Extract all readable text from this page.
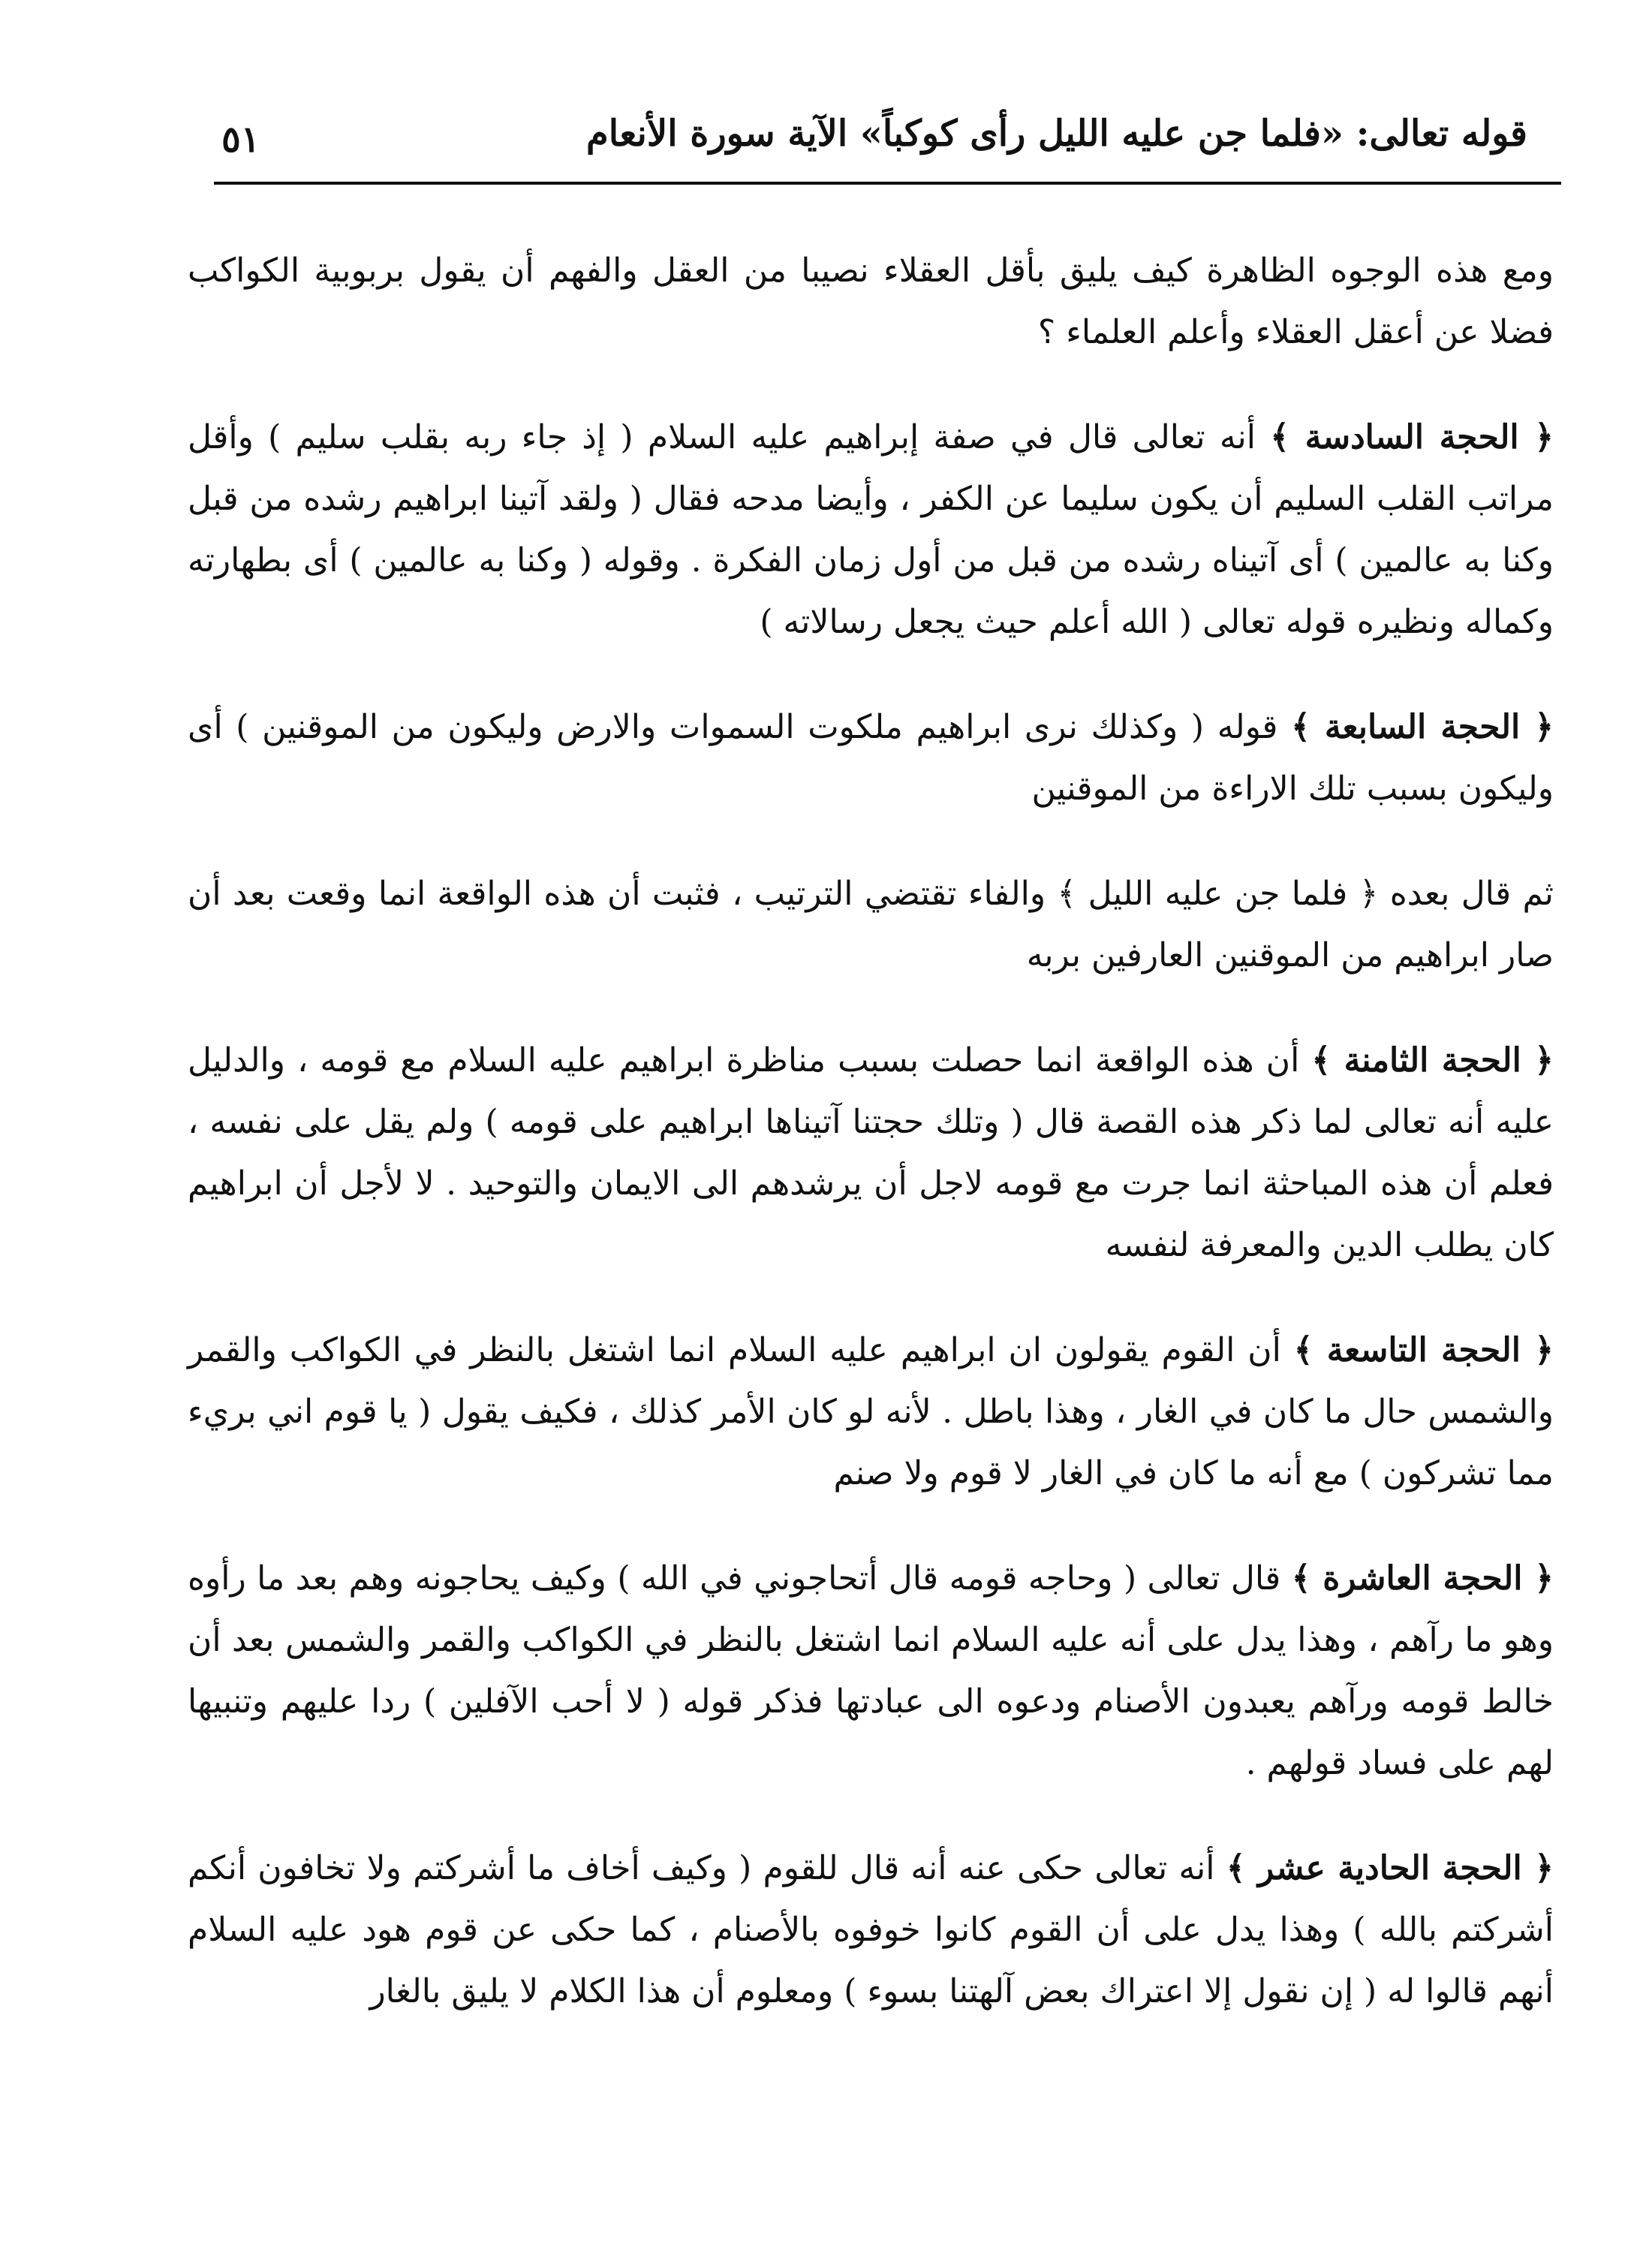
٥١	قوله تعالى: «فلما جن عليه الليل رأى كوكباً» الآية سورة الأنعام

ومع هذه الوجوه الظاهرة كيف يليق بأقل العقلاء نصيبا من العقل والفهم أن يقول بربوبية الكواكب فضلا عن أعقل العقلاء وأعلم العلماء ؟

﴿ الحجة السادسة ﴾ أنه تعالى قال في صفة إبراهيم عليه السلام ( إذ جاء ربه بقلب سليم ) وأقل مراتب القلب السليم أن يكون سليما عن الكفر ، وأيضا مدحه فقال ( ولقد آتينا ابراهيم رشده من قبل وكنا به عالمين ) أى آتيناه رشده من قبل من أول زمان الفكرة . وقوله ( وكنا به عالمين ) أى بطهارته وكماله ونظيره قوله تعالى ( الله أعلم حيث يجعل رسالاته )

﴿ الحجة السابعة ﴾ قوله ( وكذلك نرى ابراهيم ملكوت السموات والارض وليكون من الموقنين ) أى وليكون بسبب تلك الاراءة من الموقنين

ثم قال بعده ﴿ فلما جن عليه الليل ﴾ والفاء تقتضي الترتيب ، فثبت أن هذه الواقعة انما وقعت بعد أن صار ابراهيم من الموقنين العارفين بربه

﴿ الحجة الثامنة ﴾ أن هذه الواقعة انما حصلت بسبب مناظرة ابراهيم عليه السلام مع قومه ، والدليل عليه أنه تعالى لما ذكر هذه القصة قال ( وتلك حجتنا آتيناها ابراهيم على قومه ) ولم يقل على نفسه ، فعلم أن هذه المباحثة انما جرت مع قومه لاجل أن يرشدهم الى الايمان والتوحيد . لا لأجل أن ابراهيم كان يطلب الدين والمعرفة لنفسه

﴿ الحجة التاسعة ﴾ أن القوم يقولون ان ابراهيم عليه السلام انما اشتغل بالنظر في الكواكب والقمر والشمس حال ما كان في الغار ، وهذا باطل . لأنه لو كان الأمر كذلك ، فكيف يقول ( يا قوم اني بريء مما تشركون ) مع أنه ما كان في الغار لا قوم ولا صنم

﴿ الحجة العاشرة ﴾ قال تعالى ( وحاجه قومه قال أتحاجوني في الله ) وكيف يحاجونه وهم بعد ما رأوه وهو ما رآهم ، وهذا يدل على أنه عليه السلام انما اشتغل بالنظر في الكواكب والقمر والشمس بعد أن خالط قومه ورآهم يعبدون الأصنام ودعوه الى عبادتها فذكر قوله ( لا أحب الآفلين ) ردا عليهم وتنبيها لهم على فساد قولهم .

﴿ الحجة الحادية عشر ﴾ أنه تعالى حكى عنه أنه قال للقوم ( وكيف أخاف ما أشركتم ولا تخافون أنكم أشركتم بالله ) وهذا يدل على أن القوم كانوا خوفوه بالأصنام ، كما حكى عن قوم هود عليه السلام أنهم قالوا له ( إن نقول إلا اعتراك بعض آلهتنا بسوء ) ومعلوم أن هذا الكلام لا يليق بالغار
